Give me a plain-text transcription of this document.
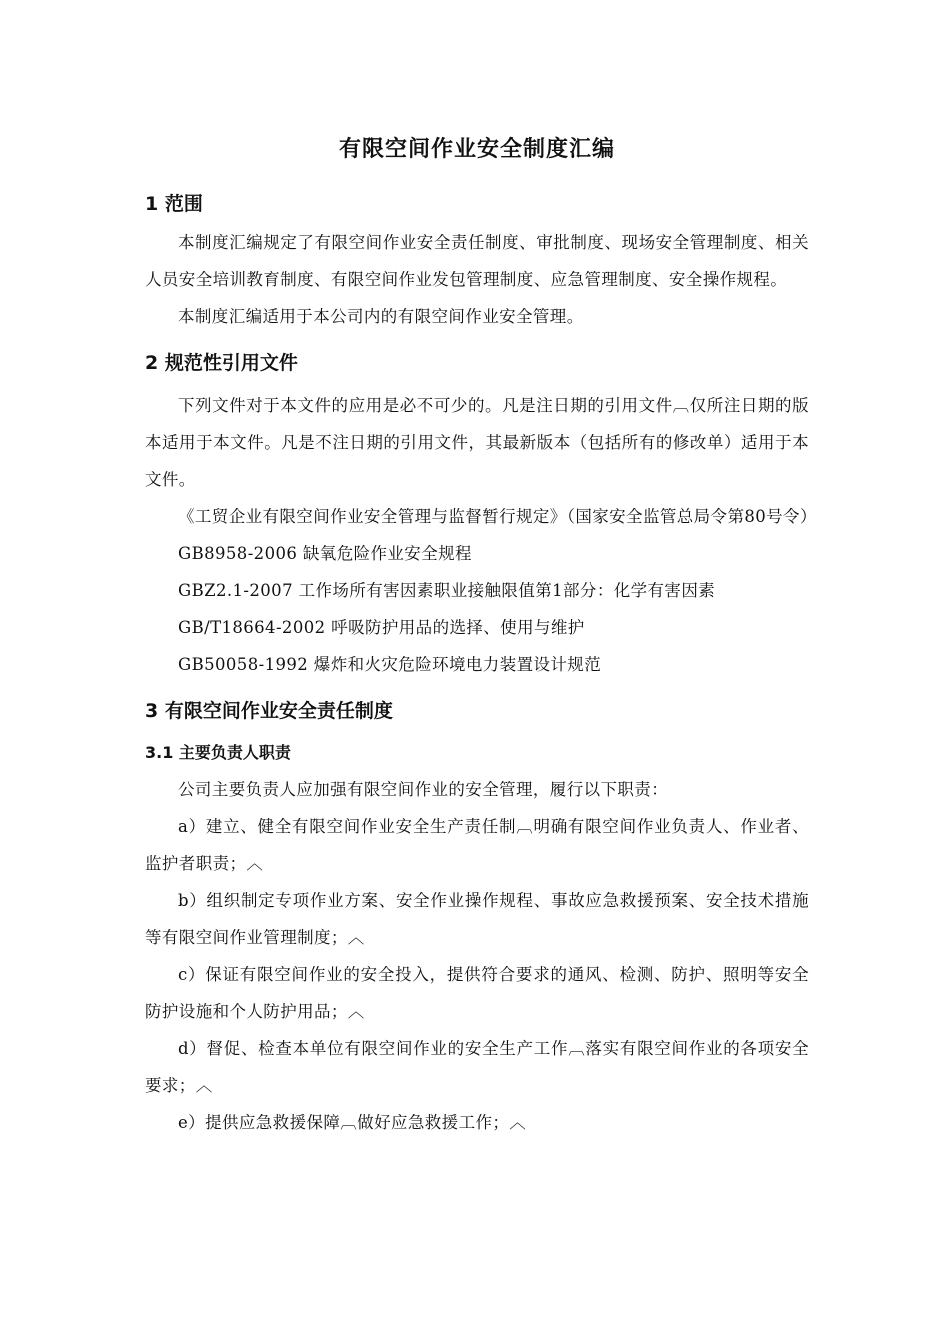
有限空间作业安全制度汇编
1 范围

本制度汇编规定了有限空间作业安全责任制度、审批制度、现场安全管理制度、相关人员安全培训教育制度、有限空间作业发包管理制度、应急管理制度、安全操作规程。

本制度汇编适用于本公司内的有限空间作业安全管理。

2 规范性引用文件

下列文件对于本文件的应用是必不可少的。凡是注日期的引用文件︹仅所注日期的版本适用于本文件。凡是不注日期的引用文件，其最新版本（包括所有的修改单）适用于本文件。

《工贸企业有限空间作业安全管理与监督暂行规定》（国家安全监管总局令第80号令）

GB8958-2006 缺氧危险作业安全规程

GBZ2.1-2007 工作场所有害因素职业接触限值第1部分：化学有害因素

GB/T18664-2002 呼吸防护用品的选择、使用与维护

GB50058-1992 爆炸和火灾危险环境电力装置设计规范

3 有限空间作业安全责任制度
3.1 主要负责人职责

公司主要负责人应加强有限空间作业的安全管理，履行以下职责：

a）建立、健全有限空间作业安全生产责任制︹明确有限空间作业负责人、作业者、监护者职责；︿

b）组织制定专项作业方案、安全作业操作规程、事故应急救援预案、安全技术措施等有限空间作业管理制度；︿

c）保证有限空间作业的安全投入，提供符合要求的通风、检测、防护、照明等安全防护设施和个人防护用品；︿

d）督促、检查本单位有限空间作业的安全生产工作︹落实有限空间作业的各项安全要求；︿

e）提供应急救援保障︹做好应急救援工作；︿
